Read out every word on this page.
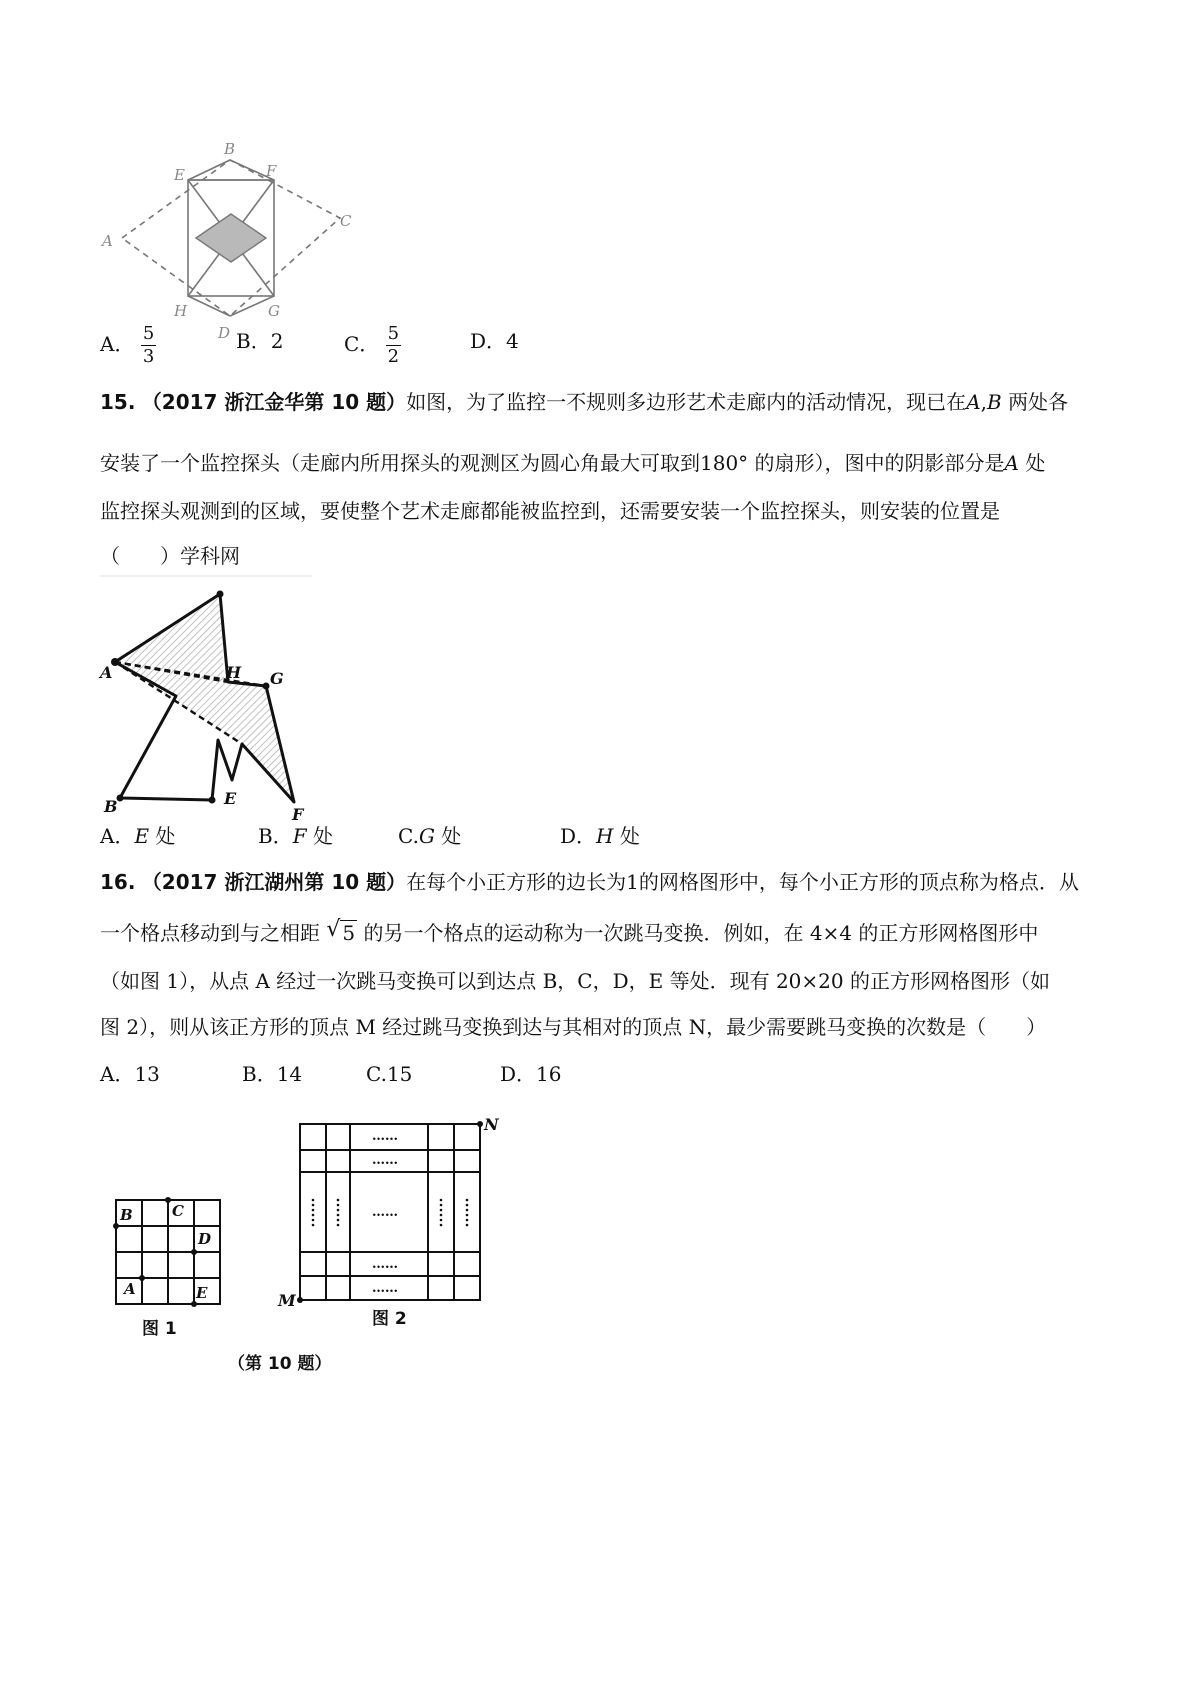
A
B
C
D
E	F
G
H
A． $\frac{5}{3}$	B．2	C． $\frac{5}{2}$	D．4
15. （2017 浙江金华第 10 题）如图，为了监控一不规则多边形艺术走廊内的活动情况，现已在A,B 两处各
安装了一个监控探头（走廊内所用探头的观测区为圆心角最大可取到180° 的扇形），图中的阴影部分是A 处
监控探头观测到的区域，要使整个艺术走廊都能被监控到，还需要安装一个监控探头，则安装的位置是
（　　）学科网
A	H G
F
E
B
A．E 处	B．F 处	C.G 处	D．H 处
16. （2017 浙江湖州第 10 题）在每个小正方形的边长为1的网格图形中，每个小正方形的顶点称为格点．从
一个格点移动到与之相距 √ 5 的另一个格点的运动称为一次跳马变换．例如，在 4×4 的正方形网格图形中
（如图 1），从点 A 经过一次跳马变换可以到达点 B，C，D，E 等处．现有 20×20 的正方形网格图形（如
图 2），则从该正方形的顶点 M 经过跳马变换到达与其相对的顶点 N，最少需要跳马变换的次数是（　　）
A．13	B．14	C.15	D．16
B	C
D
A	E
图 1
……
……
……
……
……
N
M
图 2
（第 10 题）
